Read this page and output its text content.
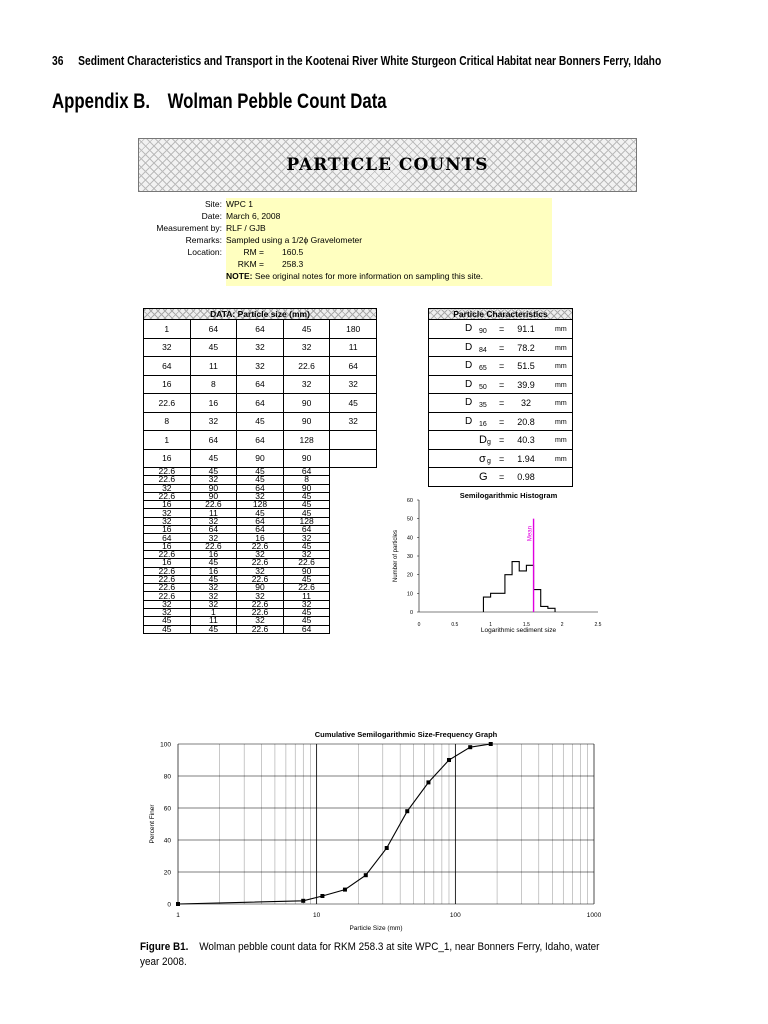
36 Sediment Characteristics and Transport in the Kootenai River White Sturgeon Critical Habitat near Bonners Ferry, Idaho
Appendix B. Wolman Pebble Count Data
PARTICLE COUNTS
Site: WPC 1
Date: March 6, 2008
Measurement by: RLF / GJB
Remarks: Sampled using a 1/2ϕ Gravelometer
Location:	RM = 160.5
RKM = 258.3
NOTE: See original notes for more information on sampling this site.
DATA: Particle size (mm)				
1	64	64	45	180
32	45	32	32	11
64	11	32	22.6	64
16	8	64	32	32
22.6	16	64	90	45
8	32	45	90	32
1	64	64	128	
16	45	90	90	
22.6	45	45	64	
22.6	32	45	8	
32	90	64	90	
22.6	90	32	45	
16	22.6	128	45	
32	11	45	45	
32	32	64	128	
16	64	64	64	
64	32	16	32	
16	22.6	22.6	45	
22.6	16	32	32	
16	45	22.6	22.6	
22.6	16	32	90	
22.6	45	22.6	45	
22.6	32	90	22.6	
22.6	32	32	11	
32	32	22.6	32	
32	1	22.6	45	
45	11	32	45	
45	45	22.6	64	
Particle Characteristics

D 90 =	91.1	mm

D 84 =	78.2	mm

D 65 =	51.5	mm

D 50 =	39.9	mm

D 35 =	32	mm

D 16 =	20.8	mm

D g =	40.3	mm

σ g =	1.94	mm

G =	0.98
Semilogarithmic Histogram
0
10
20
30
40
50
60
0	0.5	1	1.5	2	2.5
Logarithmic sediment size
Number of particles	Mean
Cumulative Semilogarithmic Size-Frequency Graph
0
20
40
60
80
100
1	10	100	1000
Particle Size (mm)
Percent Finer
Figure B1. Wolman pebble count data for RKM 258.3 at site WPC_1, near Bonners Ferry, Idaho, water year 2008.
